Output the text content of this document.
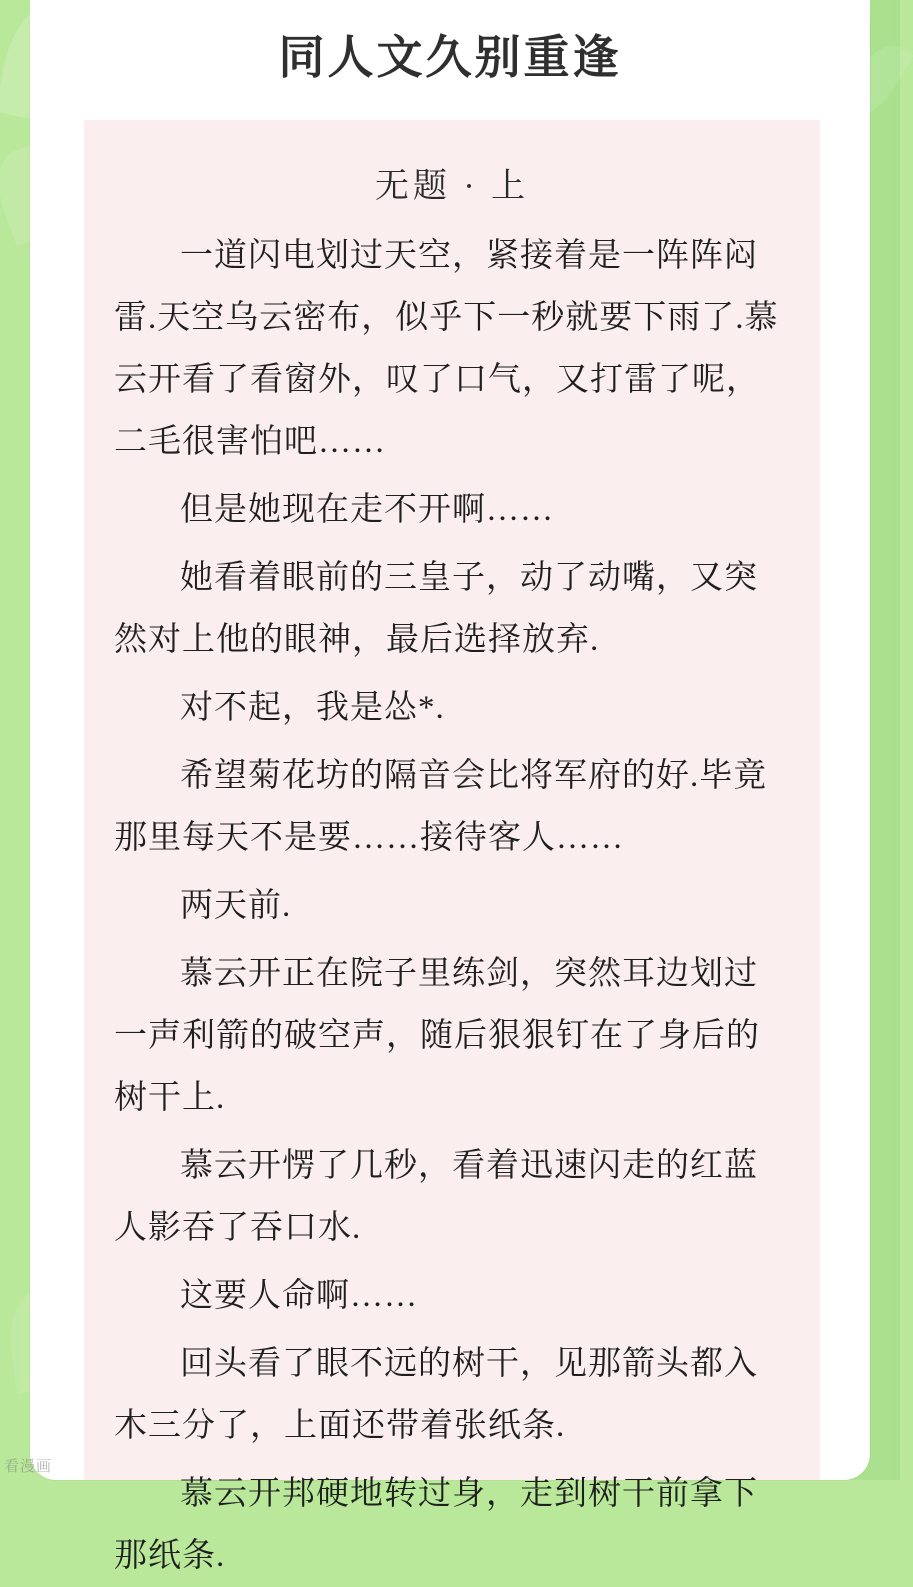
同人文久别重逢
无题 · 上

一道闪电划过天空，紧接着是一阵阵闷雷.天空乌云密布，似乎下一秒就要下雨了.慕云开看了看窗外，叹了口气，又打雷了呢，二毛很害怕吧……

但是她现在走不开啊……

她看着眼前的三皇子，动了动嘴，又突然对上他的眼神，最后选择放弃.

对不起，我是怂*.

希望菊花坊的隔音会比将军府的好.毕竟那里每天不是要……接待客人……

两天前.

慕云开正在院子里练剑，突然耳边划过一声利箭的破空声，随后狠狠钉在了身后的树干上.

慕云开愣了几秒，看着迅速闪走的红蓝人影吞了吞口水.

这要人命啊……

回头看了眼不远的树干，见那箭头都入木三分了，上面还带着张纸条.

慕云开邦硬地转过身，走到树干前拿下那纸条.

看漫画
